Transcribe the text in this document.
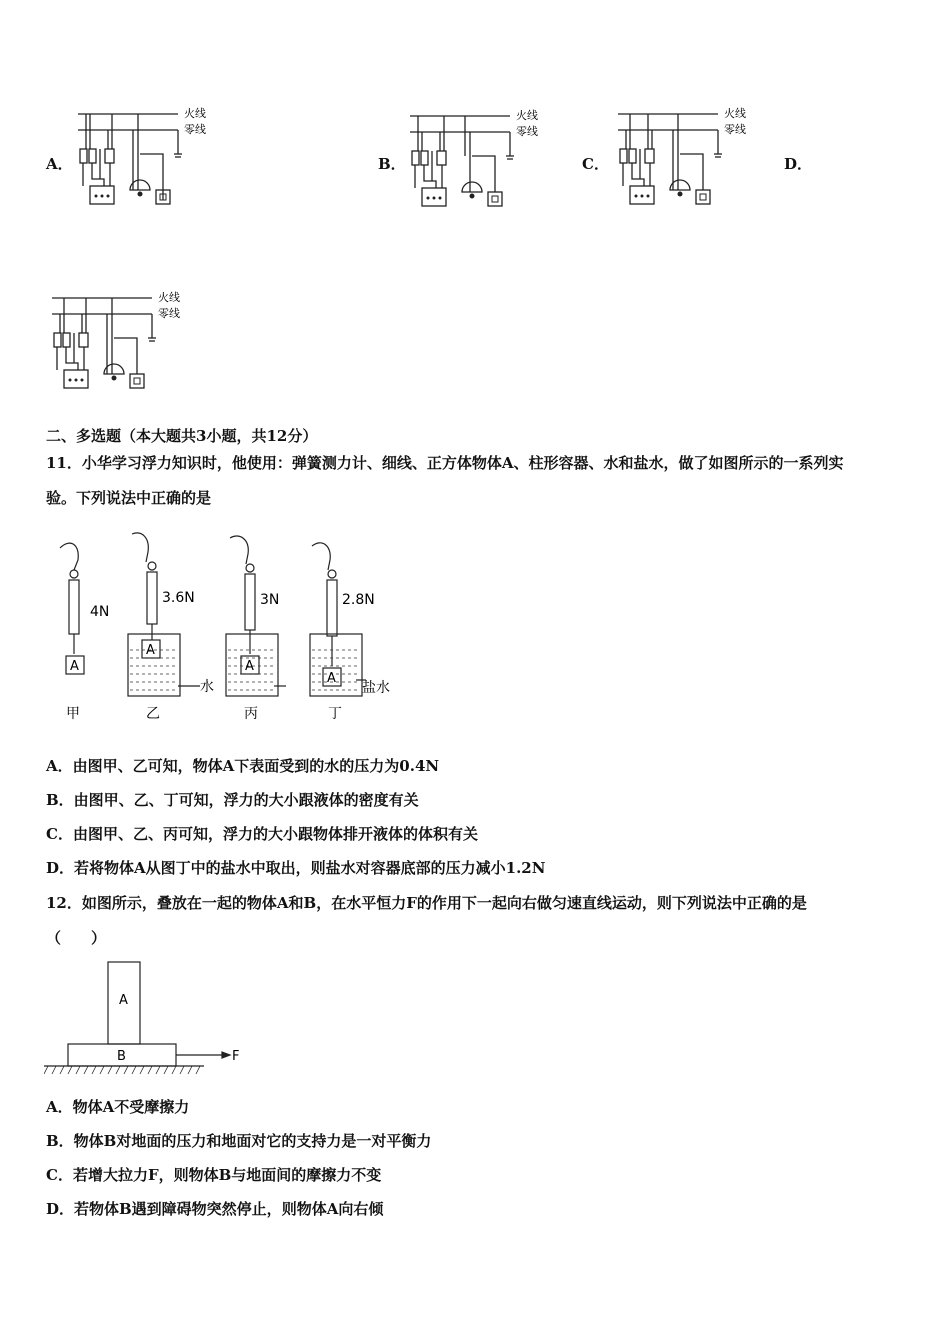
A．	B．	C．	D．
火线
零线
火线
零线
火线
零线
火线
零线
二、多选题（本大题共3小题，共12分）
11．小华学习浮力知识时，他使用：弹簧测力计、细线、正方体物体A、柱形容器、水和盐水，做了如图所示的一系列实
验。下列说法中正确的是
4N
3.6N	3N	2.8N
A
A
A
A
水	盐水
甲	乙	丙	丁
A．由图甲、乙可知，物体A下表面受到的水的压力为0.4N
B．由图甲、乙、丁可知，浮力的大小跟液体的密度有关
C．由图甲、乙、丙可知，浮力的大小跟物体排开液体的体积有关
D．若将物体A从图丁中的盐水中取出，则盐水对容器底部的压力减小1.2N
12．如图所示，叠放在一起的物体A和B，在水平恒力F的作用下一起向右做匀速直线运动，则下列说法中正确的是
（　　）
A
B	F
A．物体A不受摩擦力
B．物体B对地面的压力和地面对它的支持力是一对平衡力
C．若增大拉力F，则物体B与地面间的摩擦力不变
D．若物体B遇到障碍物突然停止，则物体A向右倾
